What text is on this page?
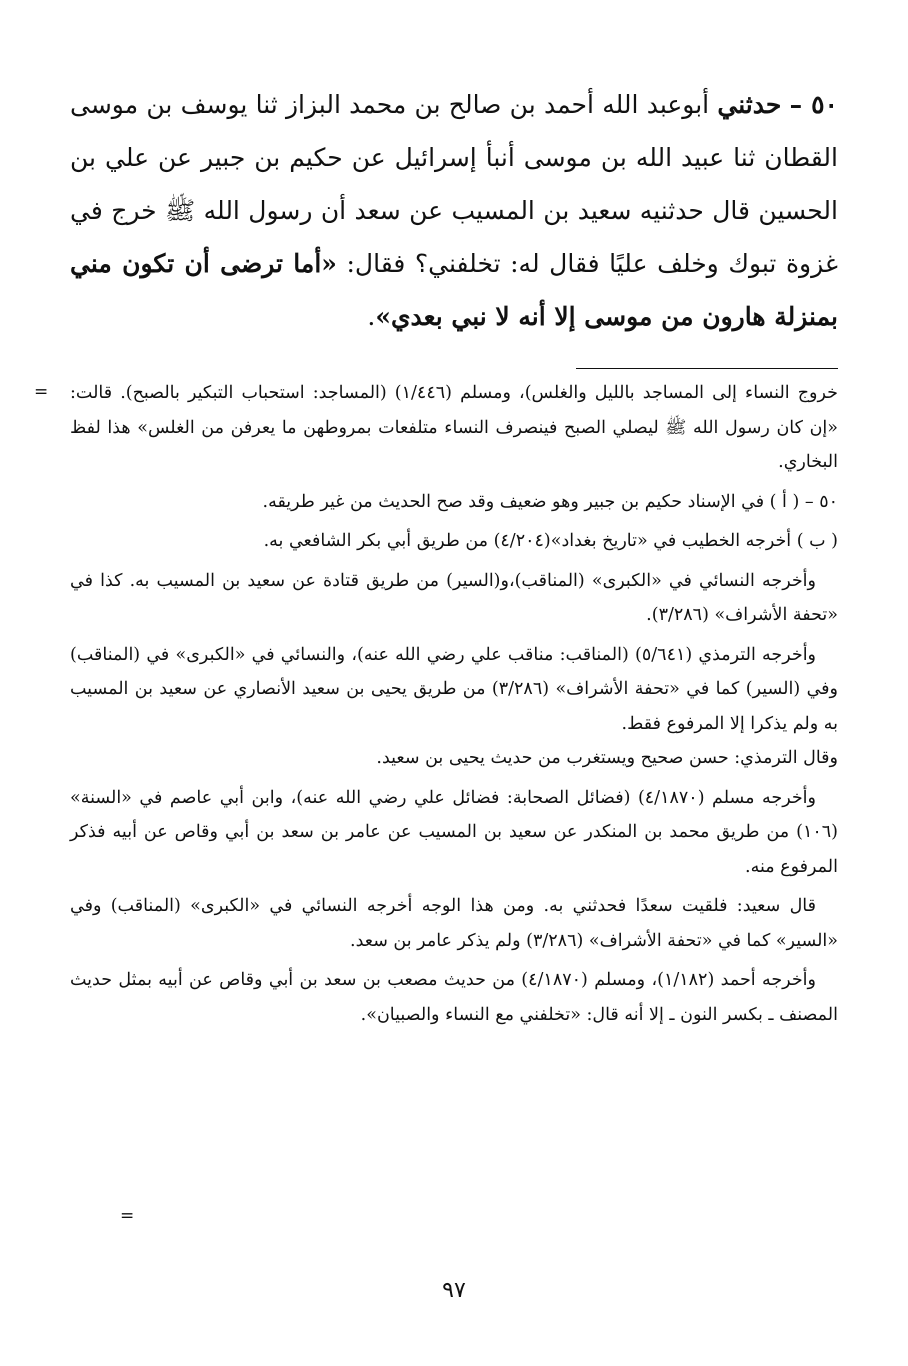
٥٠ – حدثني أبوعبد الله أحمد بن صالح بن محمد البزاز ثنا يوسف بن موسى القطان ثنا عبيد الله بن موسى أنبأ إسرائيل عن حكيم بن جبير عن علي بن الحسين قال حدثنيه سعيد بن المسيب عن سعد أن رسول الله ﷺ خرج في غزوة تبوك وخلف عليًا فقال له: تخلفني؟ فقال: «أما ترضى أن تكون مني بمنزلة هارون من موسى إلا أنه لا نبي بعدي».
= خروج النساء إلى المساجد بالليل والغلس)، ومسلم (١/٤٤٦) (المساجد: استحباب التبكير بالصبح). قالت: «إن كان رسول الله ﷺ ليصلي الصبح فينصرف النساء متلفعات بمروطهن ما يعرفن من الغلس» هذا لفظ البخاري.

٥٠ – ( أ ) في الإسناد حكيم بن جبير وهو ضعيف وقد صح الحديث من غير طريقه.

( ب ) أخرجه الخطيب في «تاريخ بغداد»(٤/٢٠٤) من طريق أبي بكر الشافعي به.

وأخرجه النسائي في «الكبرى» (المناقب)،و(السير) من طريق قتادة عن سعيد بن المسيب به. كذا في «تحفة الأشراف» (٣/٢٨٦).

وأخرجه الترمذي (٥/٦٤١) (المناقب: مناقب علي رضي الله عنه)، والنسائي في «الكبرى» في (المناقب) وفي (السير) كما في «تحفة الأشراف» (٣/٢٨٦) من طريق يحيى بن سعيد الأنصاري عن سعيد بن المسيب به ولم يذكرا إلا المرفوع فقط.

وقال الترمذي: حسن صحيح ويستغرب من حديث يحيى بن سعيد.

وأخرجه مسلم (٤/١٨٧٠) (فضائل الصحابة: فضائل علي رضي الله عنه)، وابن أبي عاصم في «السنة» (١٠٦) من طريق محمد بن المنكدر عن سعيد بن المسيب عن عامر بن سعد بن أبي وقاص عن أبيه فذكر المرفوع منه.

قال سعيد: فلقيت سعدًا فحدثني به. ومن هذا الوجه أخرجه النسائي في «الكبرى» (المناقب) وفي «السير» كما في «تحفة الأشراف» (٣/٢٨٦) ولم يذكر عامر بن سعد.

وأخرجه أحمد (١/١٨٢)، ومسلم (٤/١٨٧٠) من حديث مصعب بن سعد بن أبي وقاص عن أبيه بمثل حديث المصنف ـ بكسر النون ـ إلا أنه قال: «تخلفني مع النساء والصبيان».

=
٩٧
